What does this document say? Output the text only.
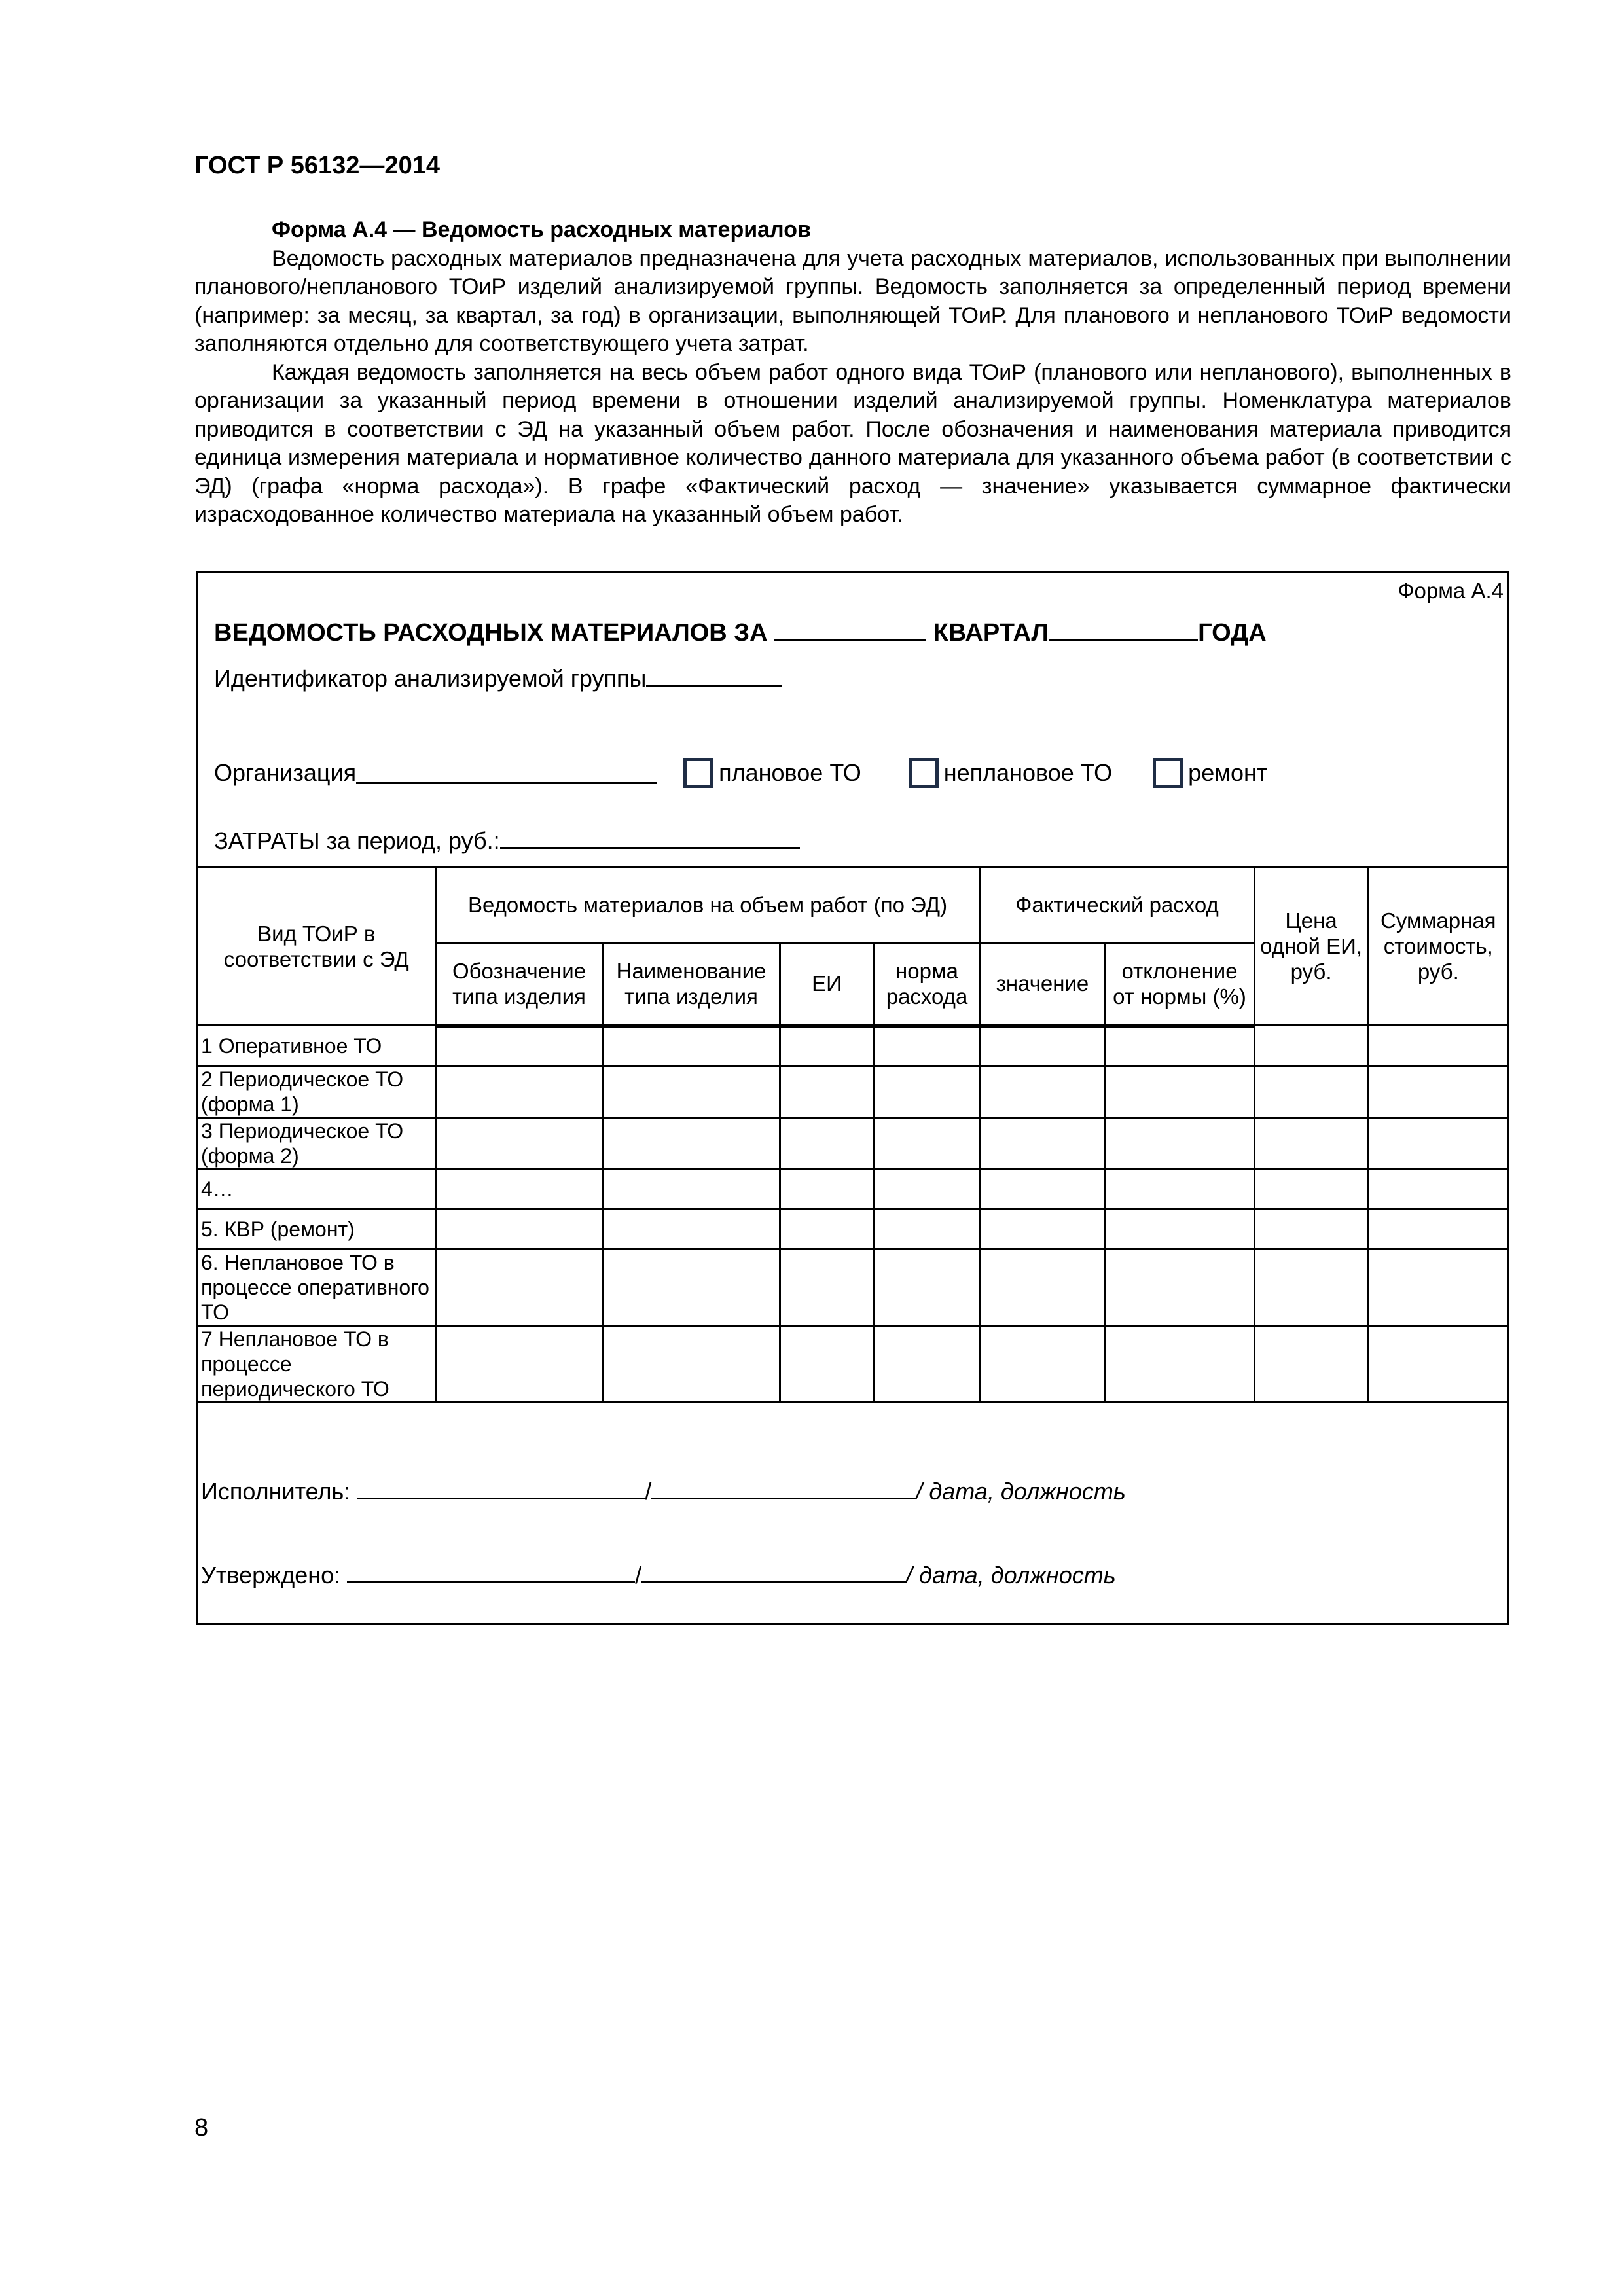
ГОСТ Р 56132—2014

Форма А.4 — Ведомость расходных материалов

Ведомость расходных материалов предназначена для учета расходных материалов, использованных при выполнении планового/непланового ТОиР изделий анализируемой группы. Ведомость заполняется за определенный период времени (например: за месяц, за квартал, за год) в организации, выполняющей ТОиР. Для планового и непланового ТОиР ведомости заполняются отдельно для соответствующего учета затрат.

Каждая ведомость заполняется на весь объем работ одного вида ТОиР (планового или непланового), выполненных в организации за указанный период времени в отношении изделий анализируемой группы. Номенклатура материалов приводится в соответствии с ЭД на указанный объем работ. После обозначения и наименования материала приводится единица измерения материала и нормативное количество данного материала для указанного объема работ (в соответствии с ЭД) (графа «норма расхода»). В графе «Фактический расход — значение» указывается суммарное фактически израсходованное количество материала на указанный объем работ.

Форма А.4
ВЕДОМОСТЬ РАСХОДНЫХ МАТЕРИАЛОВ ЗА	КВАРТАЛ	ГОДА
Идентификатор анализируемой группы
Организация	плановое ТО	неплановое ТО	ремонт
ЗАТРАТЫ за период, руб.:
Вид ТОиР в соответствии с ЭД	Ведомость материалов на объем работ (по ЭД)				Фактический расход		Цена одной ЕИ, руб.	Суммарная стоимость, руб.
	Обозначение типа изделия	Наименование типа изделия	ЕИ	норма расхода	значение	отклонение от нормы (%)		
1 Оперативное ТО								
2 Периодическое ТО (форма 1)								
3 Периодическое ТО (форма 2)								
4…								
5. КВР (ремонт)								
6. Неплановое ТО в процессе оперативного ТО								
7 Неплановое ТО в процессе периодического ТО								
Исполнитель:	/	/ дата, должность
Утверждено:	/	/ дата, должность
8
